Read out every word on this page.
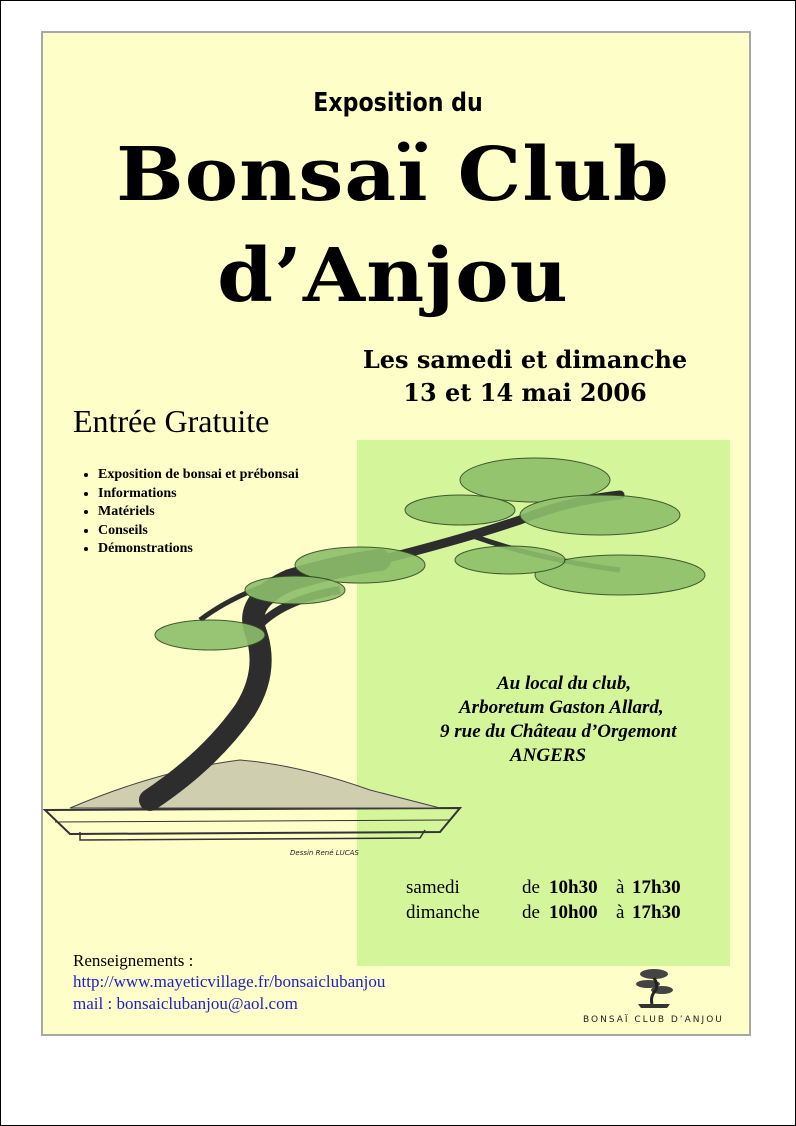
Exposition du
Bonsaï Club
d’Anjou
Les samedi et dimanche
13 et 14 mai 2006
Entrée Gratuite
• Exposition de bonsai et prébonsai
• Informations
• Matériels
• Conseils
• Démonstrations
Au local du club,
Arboretum Gaston Allard,
9 rue du Château d’Orgemont
ANGERS
Dessin René LUCAS
samedi	de 10h30 à 17h30
dimanche de 10h00 à 17h30
Renseignements :
http://www.mayeticvillage.fr/bonsaiclubanjou
mail : bonsaiclubanjou@aol.com
BONSAÏ CLUB D’ANJOU
